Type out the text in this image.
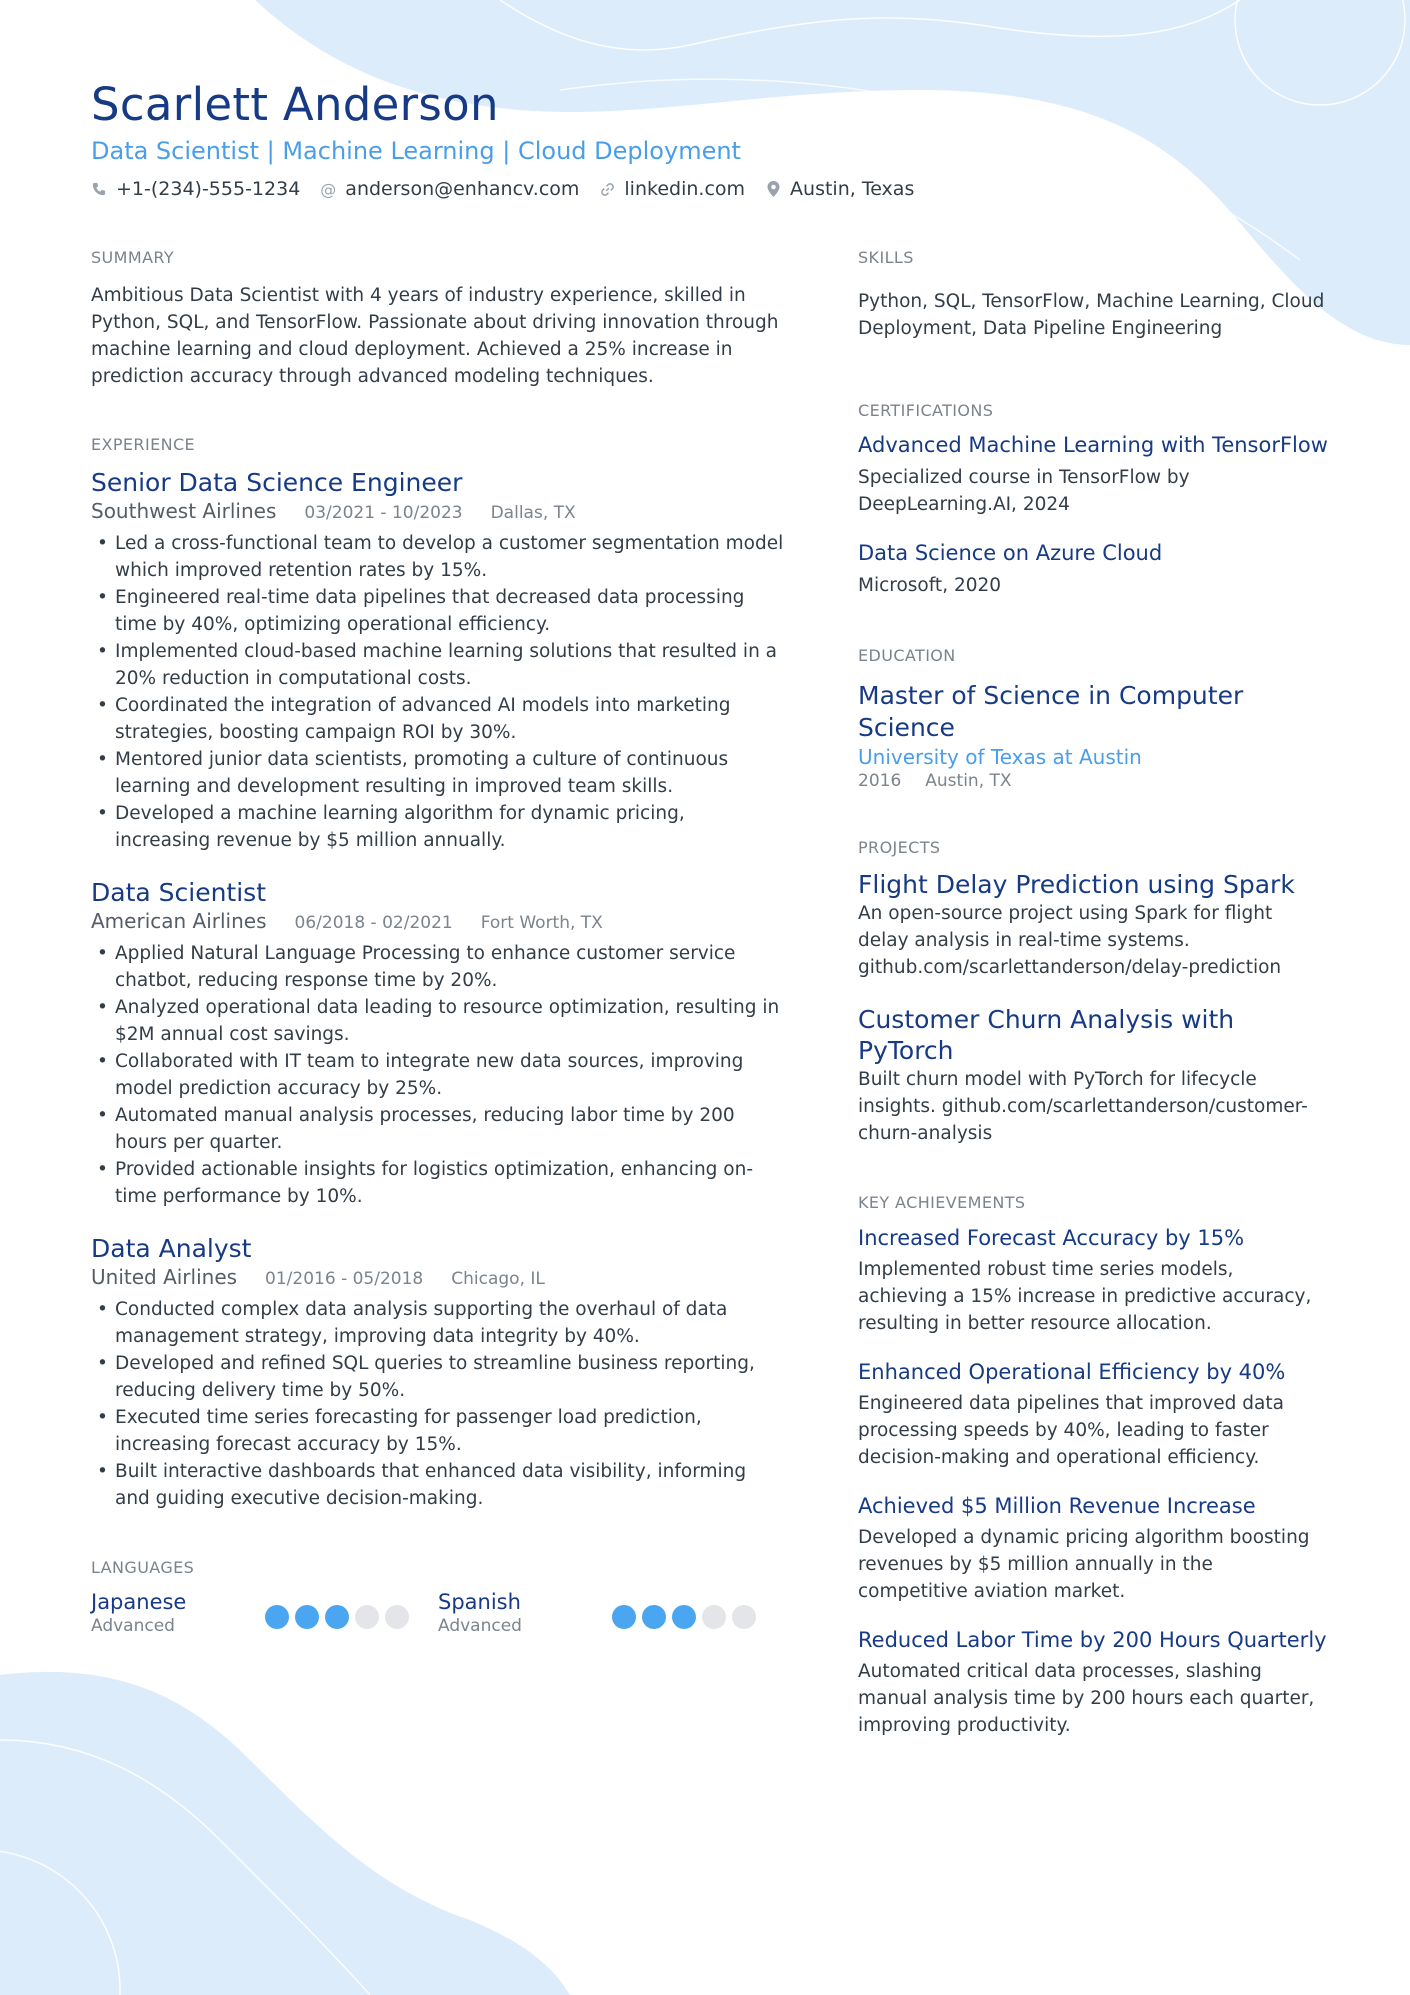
Scarlett Anderson
Data Scientist | Machine Learning | Cloud Deployment
+1-(234)-555-1234 @ anderson@enhancv.com linkedin.com Austin, Texas
SUMMARY
Ambitious Data Scientist with 4 years of industry experience, skilled in Python, SQL, and TensorFlow. Passionate about driving innovation through machine learning and cloud deployment. Achieved a 25% increase in prediction accuracy through advanced modeling techniques.
EXPERIENCE
Senior Data Science Engineer
Southwest Airlines 03/2021 - 10/2023 Dallas, TX
• Led a cross-functional team to develop a customer segmentation model which improved retention rates by 15%.
• Engineered real-time data pipelines that decreased data processing time by 40%, optimizing operational efficiency.
• Implemented cloud-based machine learning solutions that resulted in a 20% reduction in computational costs.
• Coordinated the integration of advanced AI models into marketing strategies, boosting campaign ROI by 30%.
• Mentored junior data scientists, promoting a culture of continuous learning and development resulting in improved team skills.
• Developed a machine learning algorithm for dynamic pricing, increasing revenue by $5 million annually.
Data Scientist
American Airlines 06/2018 - 02/2021 Fort Worth, TX
• Applied Natural Language Processing to enhance customer service chatbot, reducing response time by 20%.
• Analyzed operational data leading to resource optimization, resulting in $2M annual cost savings.
• Collaborated with IT team to integrate new data sources, improving model prediction accuracy by 25%.
• Automated manual analysis processes, reducing labor time by 200 hours per quarter.
• Provided actionable insights for logistics optimization, enhancing on-time performance by 10%.
Data Analyst
United Airlines 01/2016 - 05/2018 Chicago, IL
• Conducted complex data analysis supporting the overhaul of data management strategy, improving data integrity by 40%.
• Developed and refined SQL queries to streamline business reporting, reducing delivery time by 50%.
• Executed time series forecasting for passenger load prediction, increasing forecast accuracy by 15%.
• Built interactive dashboards that enhanced data visibility, informing and guiding executive decision-making.
LANGUAGES
Japanese
Advanced
Spanish
Advanced
SKILLS
Python, SQL, TensorFlow, Machine Learning, Cloud Deployment, Data Pipeline Engineering
CERTIFICATIONS
Advanced Machine Learning with TensorFlow
Specialized course in TensorFlow by DeepLearning.AI, 2024
Data Science on Azure Cloud
Microsoft, 2020
EDUCATION
Master of Science in Computer Science
University of Texas at Austin
2016 Austin, TX
PROJECTS
Flight Delay Prediction using Spark
An open-source project using Spark for flight delay analysis in real-time systems. github.com/scarlettanderson/delay-prediction
Customer Churn Analysis with PyTorch
Built churn model with PyTorch for lifecycle insights. github.com/scarlettanderson/customer-churn-analysis
KEY ACHIEVEMENTS
Increased Forecast Accuracy by 15%
Implemented robust time series models, achieving a 15% increase in predictive accuracy, resulting in better resource allocation.
Enhanced Operational Efficiency by 40%
Engineered data pipelines that improved data processing speeds by 40%, leading to faster decision-making and operational efficiency.
Achieved $5 Million Revenue Increase
Developed a dynamic pricing algorithm boosting revenues by $5 million annually in the competitive aviation market.
Reduced Labor Time by 200 Hours Quarterly
Automated critical data processes, slashing manual analysis time by 200 hours each quarter, improving productivity.
